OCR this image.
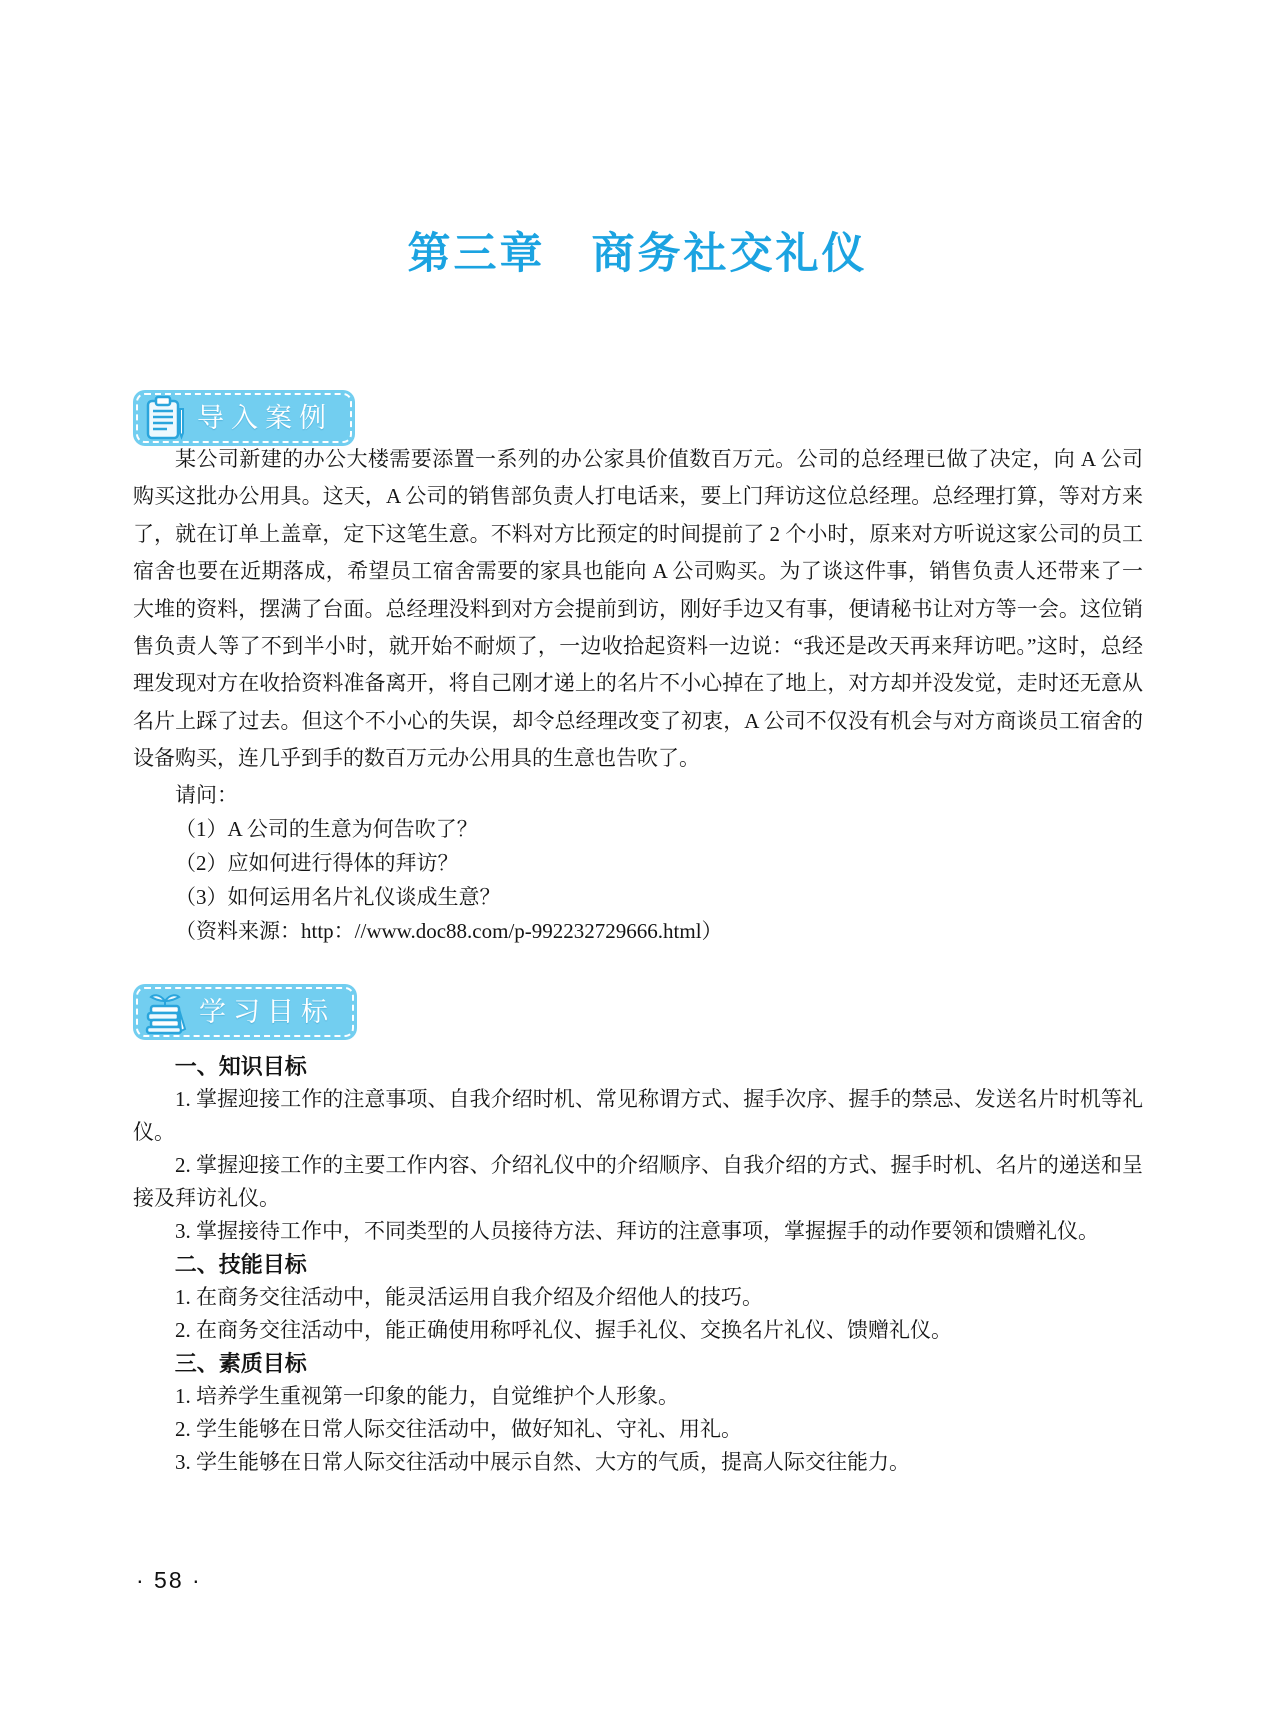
第三章　商务社交礼仪
导入案例

某公司新建的办公大楼需要添置一系列的办公家具价值数百万元。公司的总经理已做了决定，向 A 公司购买这批办公用具。这天，A 公司的销售部负责人打电话来，要上门拜访这位总经理。总经理打算，等对方来了，就在订单上盖章，定下这笔生意。不料对方比预定的时间提前了 2 个小时，原来对方听说这家公司的员工宿舍也要在近期落成，希望员工宿舍需要的家具也能向 A 公司购买。为了谈这件事，销售负责人还带来了一大堆的资料，摆满了台面。总经理没料到对方会提前到访，刚好手边又有事，便请秘书让对方等一会。这位销售负责人等了不到半小时，就开始不耐烦了，一边收拾起资料一边说：“我还是改天再来拜访吧。”这时，总经理发现对方在收拾资料准备离开，将自己刚才递上的名片不小心掉在了地上，对方却并没发觉，走时还无意从名片上踩了过去。但这个不小心的失误，却令总经理改变了初衷，A 公司不仅没有机会与对方商谈员工宿舍的设备购买，连几乎到手的数百万元办公用具的生意也告吹了。

请问：

（1）A 公司的生意为何告吹了？

（2）应如何进行得体的拜访？

（3）如何运用名片礼仪谈成生意？

（资料来源：http：//www.doc88.com/p-992232729666.html）

学习目标
一、知识目标

1. 掌握迎接工作的注意事项、自我介绍时机、常见称谓方式、握手次序、握手的禁忌、发送名片时机等礼仪。

2. 掌握迎接工作的主要工作内容、介绍礼仪中的介绍顺序、自我介绍的方式、握手时机、名片的递送和呈接及拜访礼仪。

3. 掌握接待工作中，不同类型的人员接待方法、拜访的注意事项，掌握握手的动作要领和馈赠礼仪。

二、技能目标

1. 在商务交往活动中，能灵活运用自我介绍及介绍他人的技巧。

2. 在商务交往活动中，能正确使用称呼礼仪、握手礼仪、交换名片礼仪、馈赠礼仪。

三、素质目标

1. 培养学生重视第一印象的能力，自觉维护个人形象。

2. 学生能够在日常人际交往活动中，做好知礼、守礼、用礼。

3. 学生能够在日常人际交往活动中展示自然、大方的气质，提高人际交往能力。

· 58 ·
